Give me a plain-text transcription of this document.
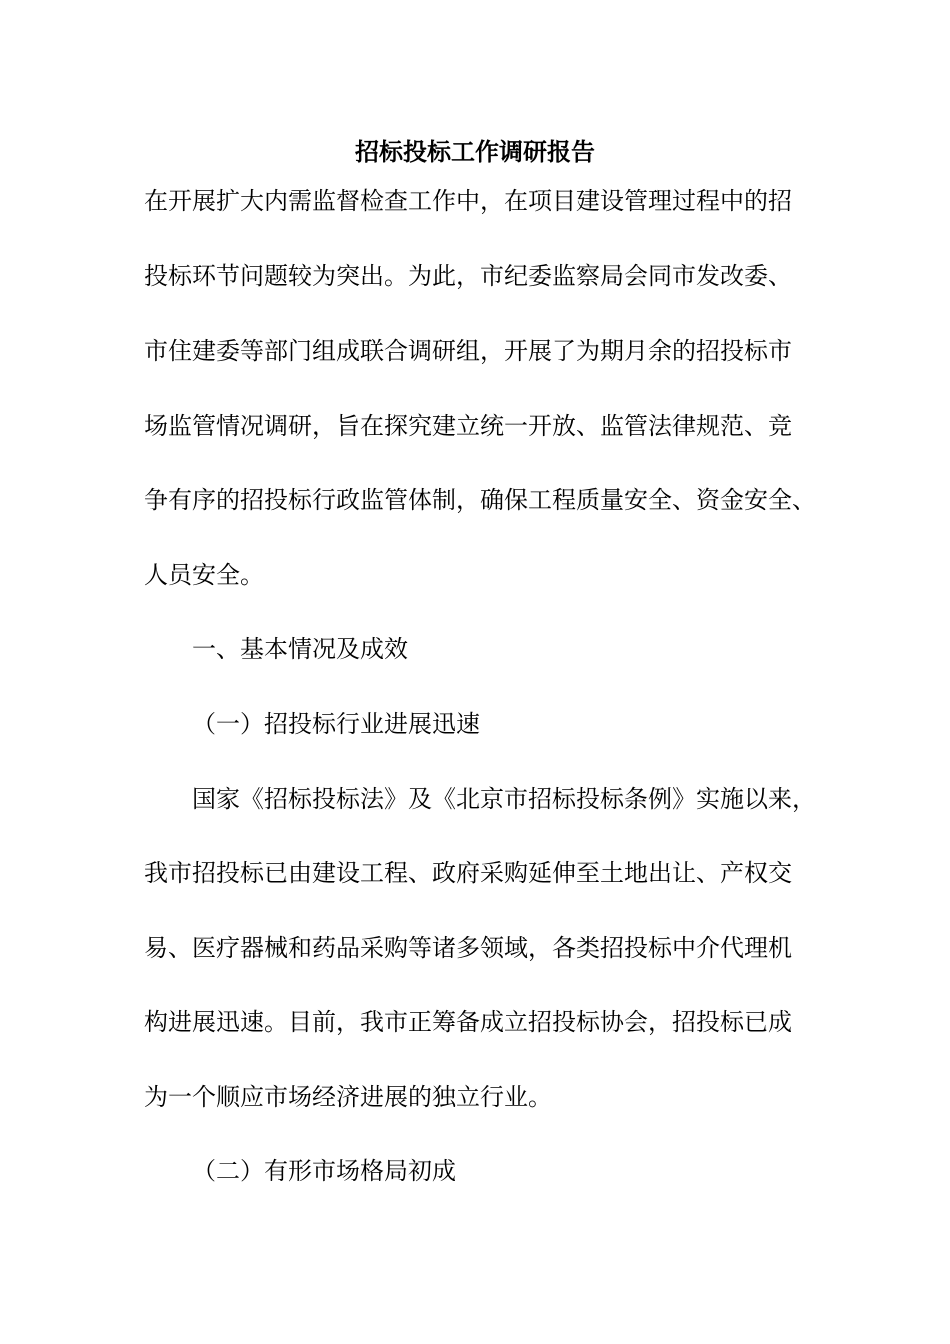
招标投标工作调研报告

在开展扩大内需监督检查工作中，在项目建设管理过程中的招

投标环节问题较为突出。为此，市纪委监察局会同市发改委、

市住建委等部门组成联合调研组，开展了为期月余的招投标市

场监管情况调研，旨在探究建立统一开放、监管法律规范、竞

争有序的招投标行政监管体制，确保工程质量安全、资金安全、

人员安全。

一、基本情况及成效

（一）招投标行业进展迅速

国家《招标投标法》及《北京市招标投标条例》实施以来，

我市招投标已由建设工程、政府采购延伸至土地出让、产权交

易、医疗器械和药品采购等诸多领域，各类招投标中介代理机

构进展迅速。目前，我市正筹备成立招投标协会，招投标已成

为一个顺应市场经济进展的独立行业。

（二）有形市场格局初成
